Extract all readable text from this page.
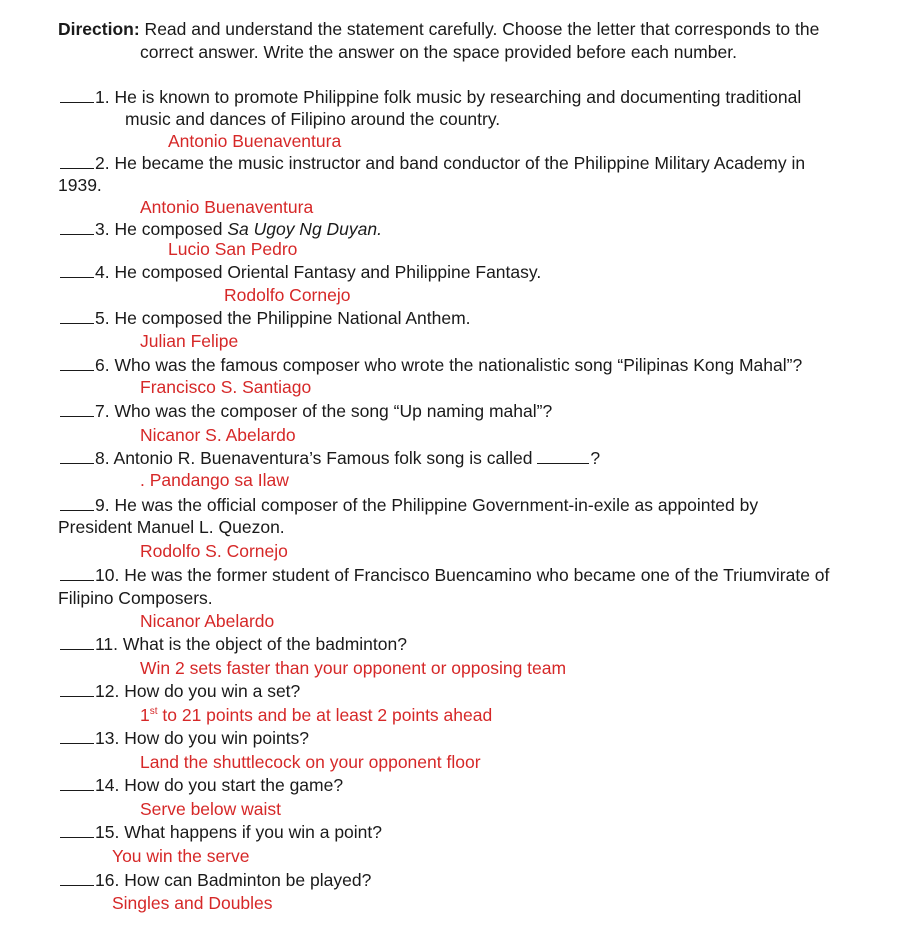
Direction: Read and understand the statement carefully. Choose the letter that corresponds to the
correct answer. Write the answer on the space provided before each number.
1. He is known to promote Philippine folk music by researching and documenting traditional
music and dances of Filipino around the country.
Antonio Buenaventura
2. He became the music instructor and band conductor of the Philippine Military Academy in
1939.
Antonio Buenaventura
3. He composed Sa Ugoy Ng Duyan.
Lucio San Pedro
4. He composed Oriental Fantasy and Philippine Fantasy.
Rodolfo Cornejo
5. He composed the Philippine National Anthem.
Julian Felipe
6. Who was the famous composer who wrote the nationalistic song “Pilipinas Kong Mahal”?
Francisco S. Santiago
7. Who was the composer of the song “Up naming mahal”?
Nicanor S. Abelardo
8. Antonio R. Buenaventura’s Famous folk song is called	?
. Pandango sa Ilaw
9. He was the official composer of the Philippine Government-in-exile as appointed by
President Manuel L. Quezon.
Rodolfo S. Cornejo
10. He was the former student of Francisco Buencamino who became one of the Triumvirate of
Filipino Composers.
Nicanor Abelardo
11. What is the object of the badminton?
Win 2 sets faster than your opponent or opposing team
12. How do you win a set?
1st to 21 points and be at least 2 points ahead
13. How do you win points?
Land the shuttlecock on your opponent floor
14. How do you start the game?
Serve below waist
15. What happens if you win a point?
You win the serve
16. How can Badminton be played?
Singles and Doubles
